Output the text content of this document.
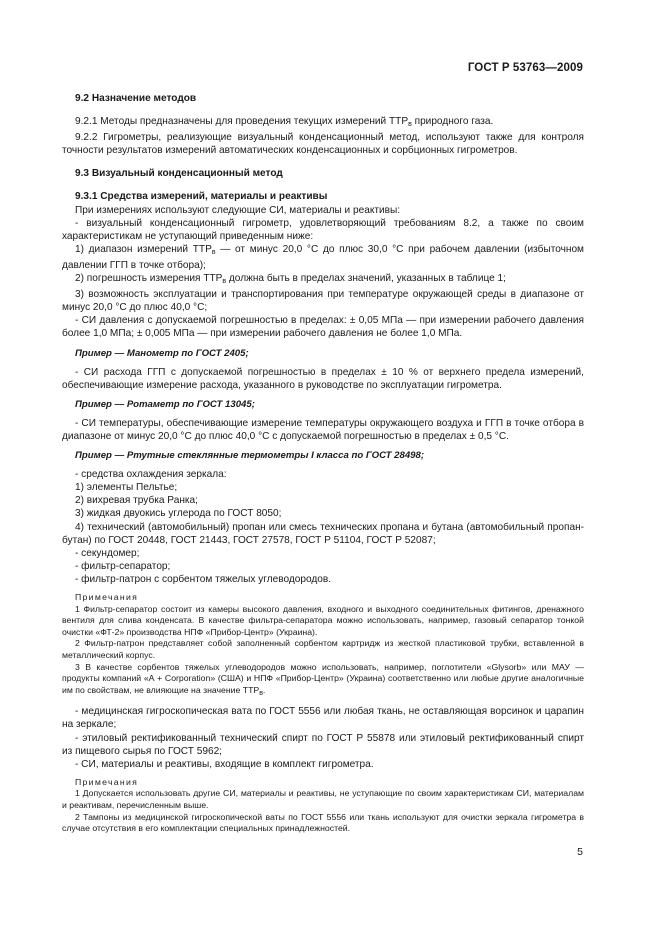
ГОСТ Р 53763—2009

9.2 Назначение методов

9.2.1 Методы предназначены для проведения текущих измерений $ТТР_в$ природного газа.

9.2.2 Гигрометры, реализующие визуальный конденсационный метод, используют также для контроля точности результатов измерений автоматических конденсационных и сорбционных гигрометров.

9.3 Визуальный конденсационный метод

9.3.1 Средства измерений, материалы и реактивы

При измерениях используют следующие СИ, материалы и реактивы:

- визуальный конденсационный гигрометр, удовлетворяющий требованиям 8.2, а также по своим характеристикам не уступающий приведенным ниже:

1) диапазон измерений $ТТР_в$ — от минус 20,0 °С до плюс 30,0 °С при рабочем давлении (избыточном давлении ГГП в точке отбора);

2) погрешность измерения $ТТР_в$ должна быть в пределах значений, указанных в таблице 1;

3) возможность эксплуатации и транспортирования при температуре окружающей среды в диапазоне от минус 20,0 °С до плюс 40,0 °С;

- СИ давления с допускаемой погрешностью в пределах: ± 0,05 МПа — при измерении рабочего давления более 1,0 МПа; ± 0,005 МПа — при измерении рабочего давления не более 1,0 МПа.

Пример — Манометр по ГОСТ 2405;

- СИ расхода ГГП с допускаемой погрешностью в пределах ± 10 % от верхнего предела измерений, обеспечивающие измерение расхода, указанного в руководстве по эксплуатации гигрометра.

Пример — Ротаметр по ГОСТ 13045;

- СИ температуры, обеспечивающие измерение температуры окружающего воздуха и ГГП в точке отбора в диапазоне от минус 20,0 °С до плюс 40,0 °С с допускаемой погрешностью в пределах ± 0,5 °С.

Пример — Ртутные стеклянные термометры I класса по ГОСТ 28498;

- средства охлаждения зеркала:

1) элементы Пельтье;

2) вихревая трубка Ранка;

3) жидкая двуокись углерода по ГОСТ 8050;

4) технический (автомобильный) пропан или смесь технических пропана и бутана (автомобильный пропан-бутан) по ГОСТ 20448, ГОСТ 21443, ГОСТ 27578, ГОСТ Р 51104, ГОСТ Р 52087;

- секундомер;

- фильтр-сепаратор;

- фильтр-патрон с сорбентом тяжелых углеводородов.

Примечания

1 Фильтр-сепаратор состоит из камеры высокого давления, входного и выходного соединительных фитингов, дренажного вентиля для слива конденсата. В качестве фильтра-сепаратора можно использовать, например, газовый сепаратор тонкой очистки «ФТ-2» производства НПФ «Прибор-Центр» (Украина).

2 Фильтр-патрон представляет собой заполненный сорбентом картридж из жесткой пластиковой трубки, вставленной в металлический корпус.

3 В качестве сорбентов тяжелых углеводородов можно использовать, например, поглотители «Glysorb» или МАУ — продукты компаний «А + Corporation» (США) и НПФ «Прибор-Центр» (Украина) соответственно или любые другие аналогичные им по свойствам, не влияющие на значение $ТТР_в$.

- медицинская гигроскопическая вата по ГОСТ 5556 или любая ткань, не оставляющая ворсинок и царапин на зеркале;

- этиловый ректификованный технический спирт по ГОСТ Р 55878 или этиловый ректификованный спирт из пищевого сырья по ГОСТ 5962;

- СИ, материалы и реактивы, входящие в комплект гигрометра.

Примечания

1 Допускается использовать другие СИ, материалы и реактивы, не уступающие по своим характеристикам СИ, материалам и реактивам, перечисленным выше.

2 Тампоны из медицинской гигроскопической ваты по ГОСТ 5556 или ткань используют для очистки зеркала гигрометра в случае отсутствия в его комплектации специальных принадлежностей.

5
